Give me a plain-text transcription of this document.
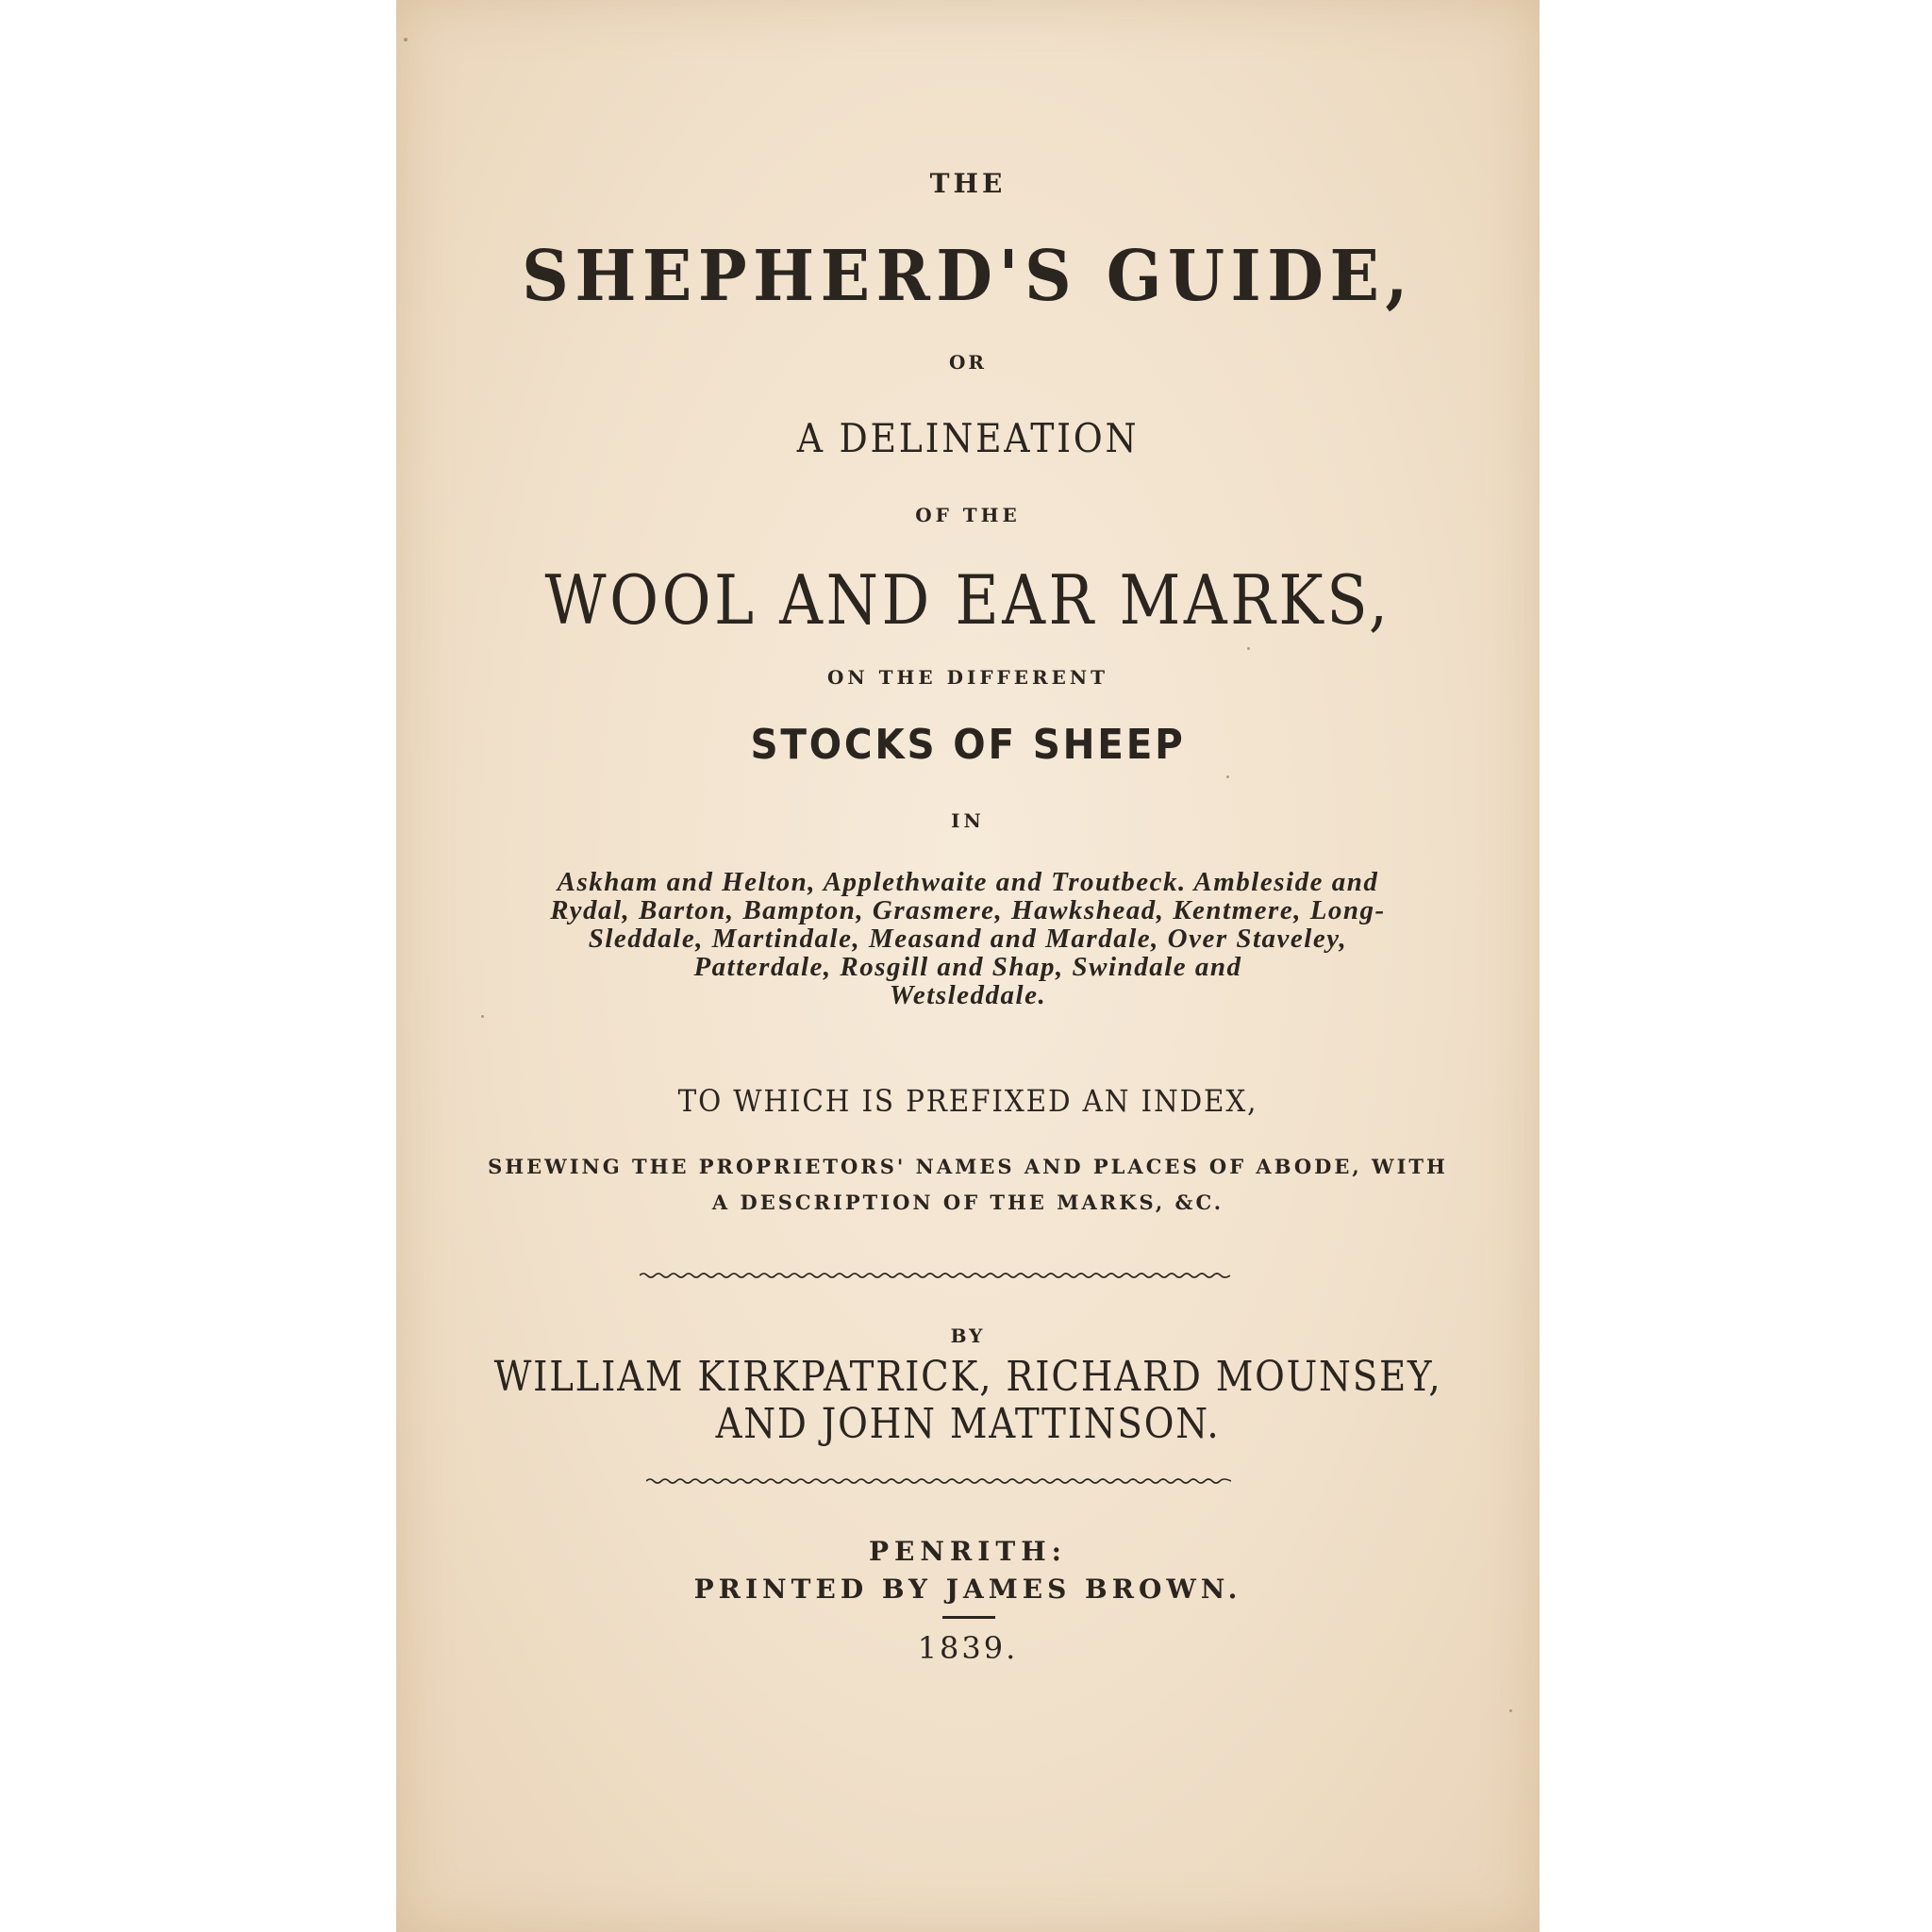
THE
SHEPHERD'S GUIDE,
OR
A DELINEATION
OF THE
WOOL AND EAR MARKS,
ON THE DIFFERENT
STOCKS OF SHEEP
IN
Askham and Helton, Applethwaite and Troutbeck. Ambleside and
Rydal, Barton, Bampton, Grasmere, Hawkshead, Kentmere, Long-
Sleddale, Martindale, Measand and Mardale, Over Staveley,
Patterdale, Rosgill and Shap, Swindale and
Wetsleddale.
TO WHICH IS PREFIXED AN INDEX,
SHEWING THE PROPRIETORS' NAMES AND PLACES OF ABODE, WITH
A DESCRIPTION OF THE MARKS, &C.
BY
WILLIAM KIRKPATRICK, RICHARD MOUNSEY,
AND JOHN MATTINSON.
PENRITH:
PRINTED BY JAMES BROWN.
1839.
